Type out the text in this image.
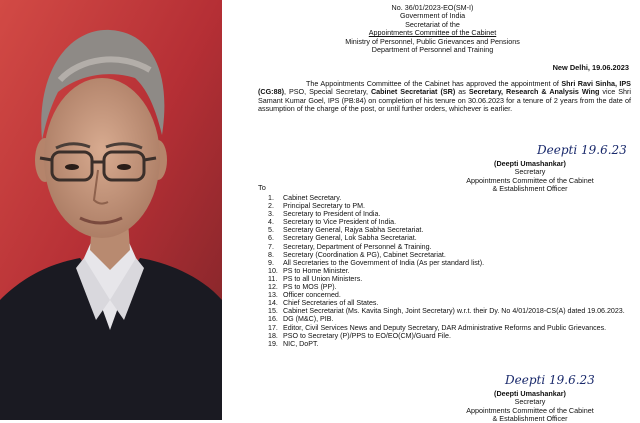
No. 36/01/2023-EO(SM-I)
Government of India
Secretariat of the
Appointments Committee of the Cabinet
Ministry of Personnel, Public Grievances and Pensions
Department of Personnel and Training
New Delhi, 19.06.2023

The Appointments Committee of the Cabinet has approved the appointment of Shri Ravi Sinha, IPS (CG:88), PSO, Special Secretary, Cabinet Secretariat (SR) as Secretary, Research & Analysis Wing vice Shri Samant Kumar Goel, IPS (PB:84) on completion of his tenure on 30.06.2023 for a tenure of 2 years from the date of assumption of the charge of the post, or until further orders, whichever is earlier.

Deepti 19.6.23
(Deepti Umashankar)
Secretary
Appointments Committee of the Cabinet
& Establishment Officer
To
1.	Cabinet Secretary.
2.	Principal Secretary to PM.
3.	Secretary to President of India.
4.	Secretary to Vice President of India.
5.	Secretary General, Rajya Sabha Secretariat.
6.	Secretary General, Lok Sabha Secretariat.
7.	Secretary, Department of Personnel & Training.
8.	Secretary (Coordination & PG), Cabinet Secretariat.
9.	All Secretaries to the Government of India (As per standard list).
10. PS to Home Minister.
11. PS to all Union Ministers.
12. PS to MOS (PP).
13. Officer concerned.
14. Chief Secretaries of all States.
15. Cabinet Secretariat (Ms. Kavita Singh, Joint Secretary) w.r.t. their Dy. No 4/01/2018-CS(A) dated 19.06.2023.
16. DG (M&C), PIB.
17. Editor, Civil Services News and Deputy Secretary, DAR Administrative Reforms and Public Grievances.
18. PSO to Secretary (P)/PPS to EO/EO(CM)/Guard File.
19. NIC, DoPT.
Deepti 19.6.23
(Deepti Umashankar)
Secretary
Appointments Committee of the Cabinet
& Establishment Officer
